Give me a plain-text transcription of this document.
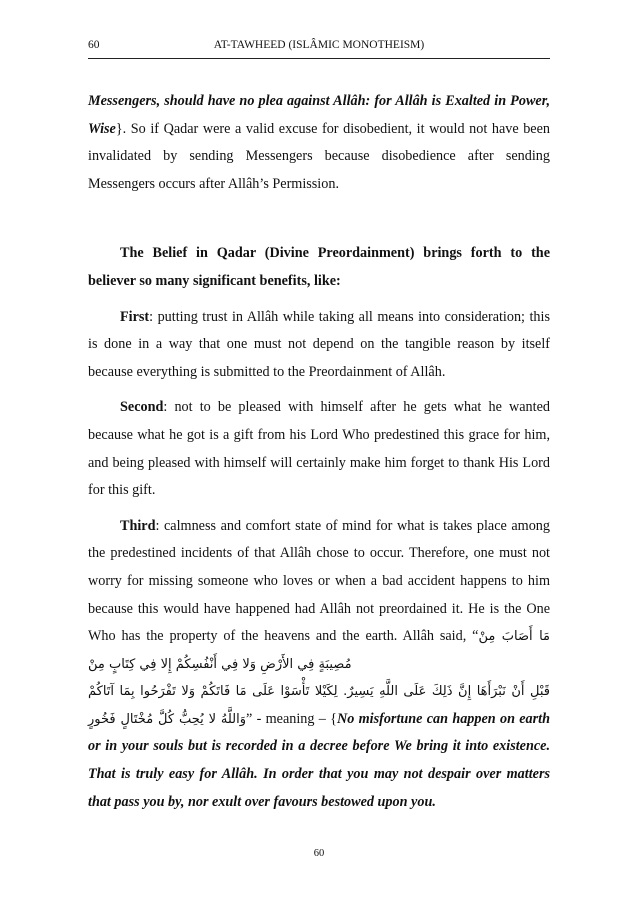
60	AT-TAWHEED (ISLÂMIC MONOTHEISM)

Messengers, should have no plea against Allâh: for Allâh is Exalted in Power, Wise}. So if Qadar were a valid excuse for disobedient, it would not have been invalidated by sending Messengers because disobedience after sending Messengers occurs after Allâh’s Permission.

The Belief in Qadar (Divine Preordainment) brings forth to the believer so many significant benefits, like:

First: putting trust in Allâh while taking all means into consideration; this is done in a way that one must not depend on the tangible reason by itself because everything is submitted to the Preordainment of Allâh.

Second: not to be pleased with himself after he gets what he wanted because what he got is a gift from his Lord Who predestined this grace for him, and being pleased with himself will certainly make him forget to thank His Lord for this gift.

Third: calmness and comfort state of mind for what is takes place among the predestined incidents of that Allâh chose to occur. Therefore, one must not worry for missing someone who loves or when a bad accident happens to him because this would have happened had Allâh not preordained it. He is the One Who has the property of the heavens and the earth. Allâh said, “مَا أَصَابَ مِنْ مُصِيبَةٍ فِي الأَرْضِ وَلا فِي أَنْفُسِكُمْ إِلا فِي كِتَابٍ مِنْ

قَبْلِ أَنْ نَبْرَأَهَا إِنَّ ذَلِكَ عَلَى اللَّهِ يَسِيرٌ. لِكَيْلا تَأْسَوْا عَلَى مَا فَاتَكُمْ وَلا تَفْرَحُوا بِمَا آتَاكُمْ

وَاللَّهُ لا يُحِبُّ كُلَّ مُخْتَالٍ فَخُورٍ” - meaning – {No misfortune can happen on earth or in your souls but is recorded in a decree before We bring it into existence. That is truly easy for Allâh. In order that you may not despair over matters that pass you by, nor exult over favours bestowed upon you.

60
